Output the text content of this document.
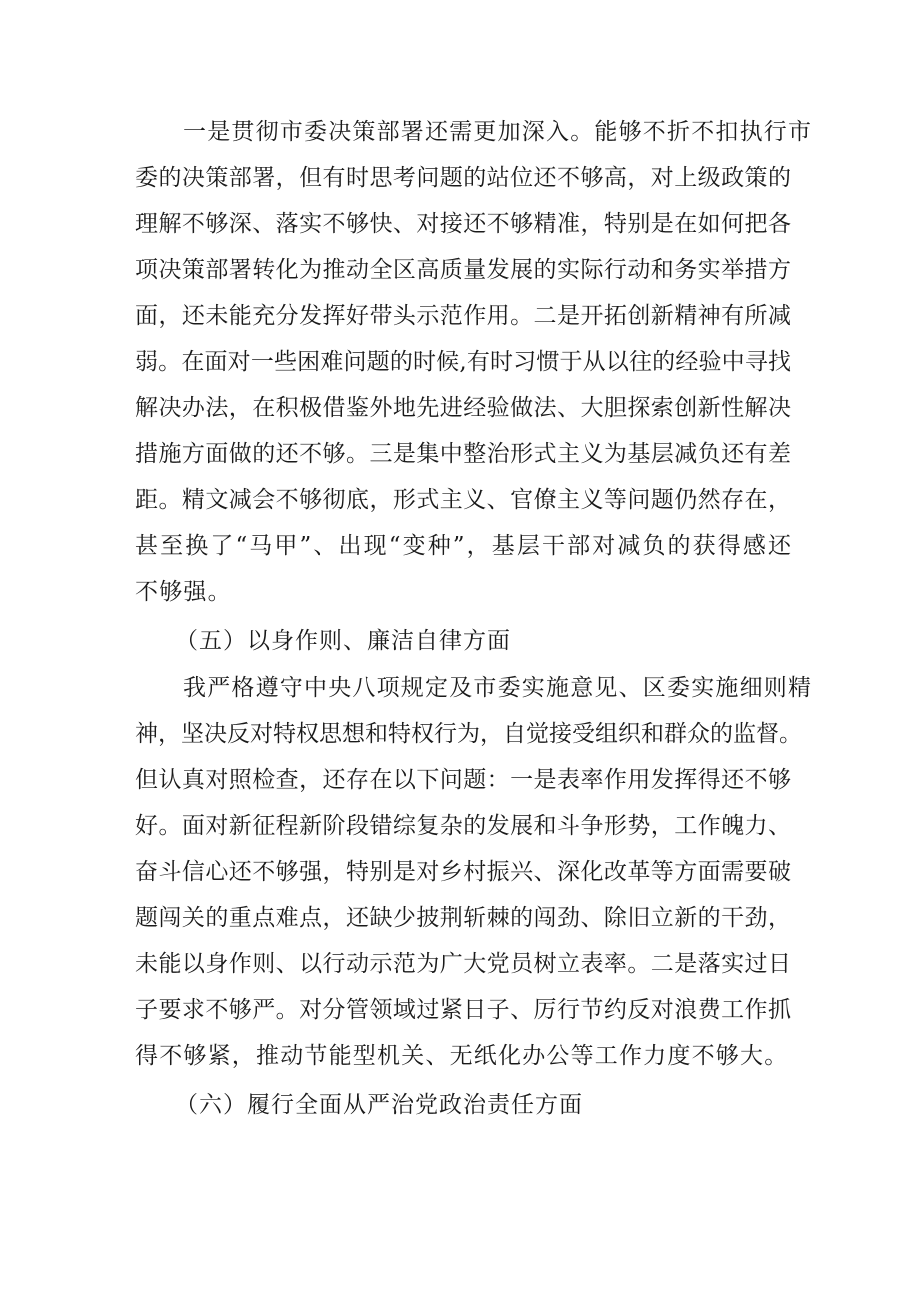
一是贯彻市委决策部署还需更加深入。能够不折不扣执行市
委的决策部署，但有时思考问题的站位还不够高，对上级政策的
理解不够深、落实不够快、对接还不够精准，特别是在如何把各
项决策部署转化为推动全区高质量发展的实际行动和务实举措方
面，还未能充分发挥好带头示范作用。二是开拓创新精神有所减
弱。在面对一些困难问题的时候,有时习惯于从以往的经验中寻找
解决办法，在积极借鉴外地先进经验做法、大胆探索创新性解决
措施方面做的还不够。三是集中整治形式主义为基层减负还有差
距。精文减会不够彻底，形式主义、官僚主义等问题仍然存在，
甚至换了“马甲”、出现“变种”，基层干部对减负的获得感还
不够强。
（五）以身作则、廉洁自律方面
我严格遵守中央八项规定及市委实施意见、区委实施细则精
神，坚决反对特权思想和特权行为，自觉接受组织和群众的监督。
但认真对照检查，还存在以下问题：一是表率作用发挥得还不够
好。面对新征程新阶段错综复杂的发展和斗争形势，工作魄力、
奋斗信心还不够强，特别是对乡村振兴、深化改革等方面需要破
题闯关的重点难点，还缺少披荆斩棘的闯劲、除旧立新的干劲，
未能以身作则、以行动示范为广大党员树立表率。二是落实过日
子要求不够严。对分管领域过紧日子、厉行节约反对浪费工作抓
得不够紧，推动节能型机关、无纸化办公等工作力度不够大。
（六）履行全面从严治党政治责任方面
